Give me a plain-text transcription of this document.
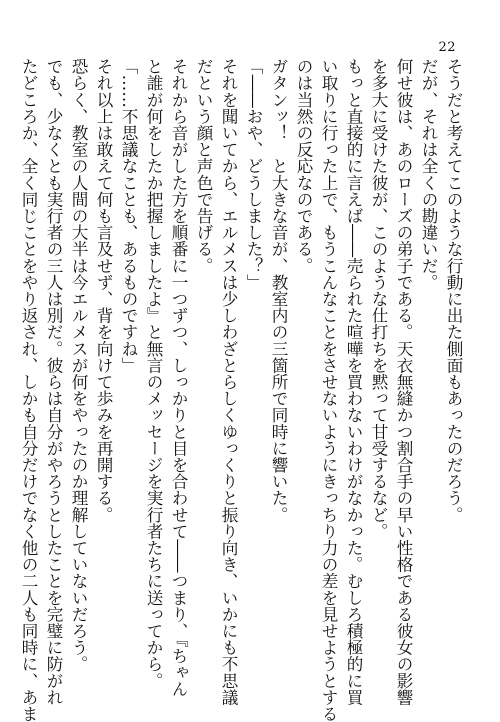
22

そうだと考えてこのような行動に出た側面もあったのだろう。

だが、それは全くの勘違いだ。

何せ彼は、あのローズの弟子である。天衣無縫かつ割合手の早い性格である彼女の影響

を多大に受けた彼が、このような仕打ちを黙って甘受するなど。

もっと直接的に言えば――売られた喧嘩を買わないわけがなかった。むしろ積極的に買

い取りに行った上で、もうこんなことをさせないようにきっちり力の差を見せようとする

のは当然の反応なのである。

ガタンッ！　と大きな音が、教室内の三箇所で同時に響いた。

「――おや、どうしました？」

それを聞いてから、エルメスは少しわざとらしくゆっくりと振り向き、いかにも不思議

だという顔と声色で告げる。

それから音がした方を順番に一つずつ、しっかりと目を合わせて――つまり、『ちゃん

と誰が何をしたか把握しましたよ』と無言のメッセージを実行者たちに送ってから。

「……不思議なことも、あるものですね」

それ以上は敢えて何も言及せず、背を向けて歩みを再開する。

恐らく、教室の人間の大半は今エルメスが何をやったのか理解していないだろう。

でも、少なくとも実行者の三人は別だ。彼らは自分がやろうとしたことを完璧に防がれ

たどころか、全く同じことをやり返され、しかも自分だけでなく他の二人も同時に、あま
